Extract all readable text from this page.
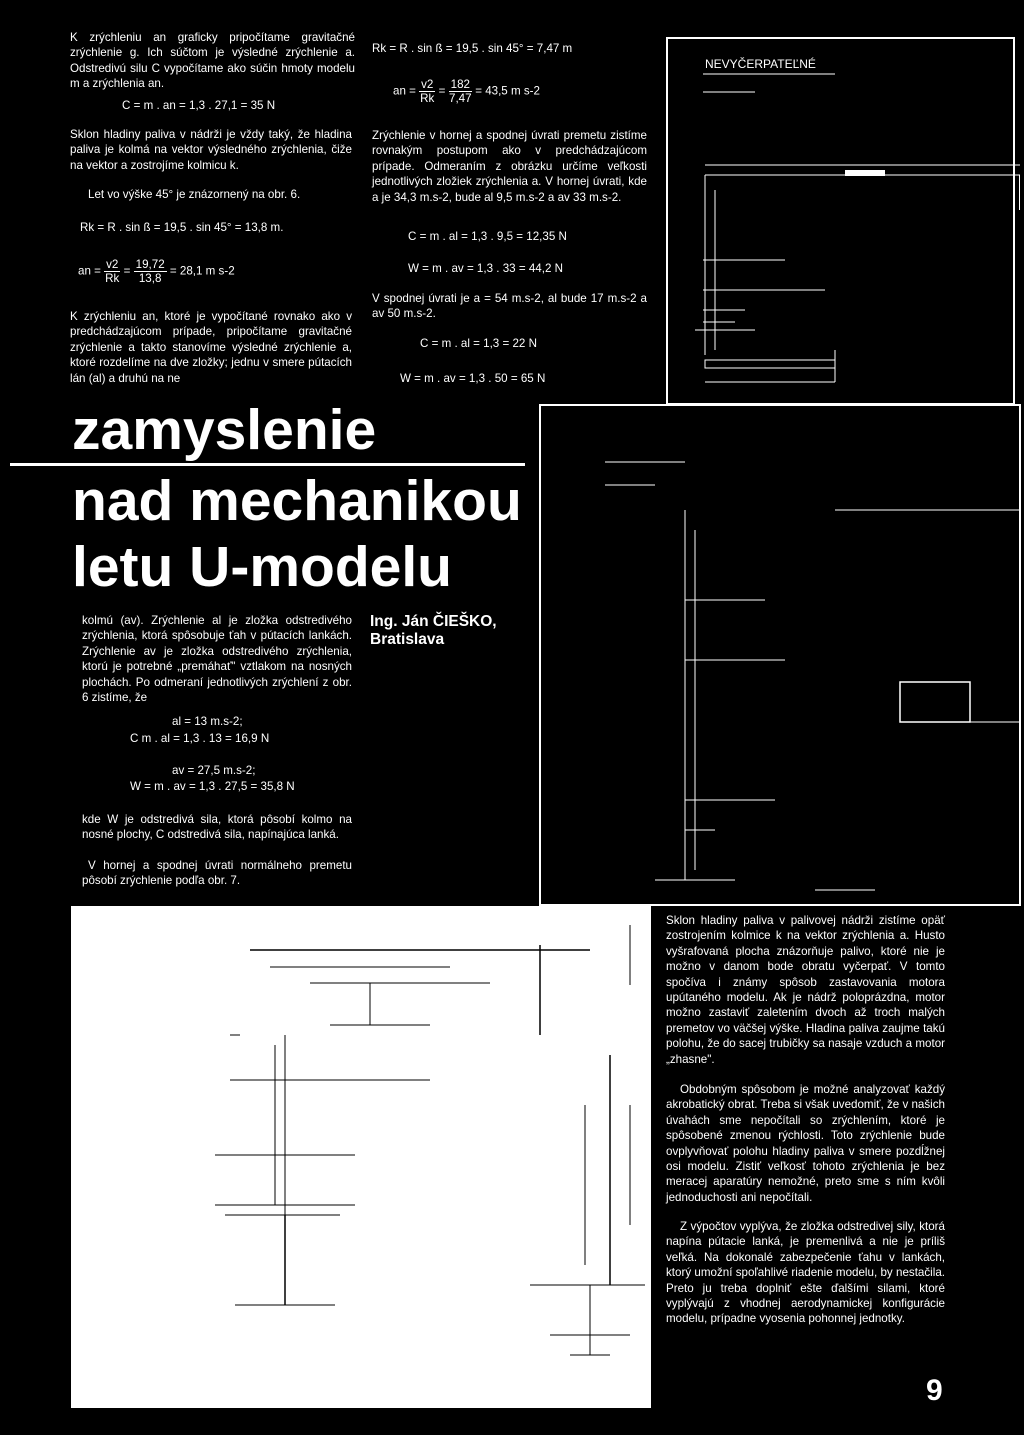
K zrýchleniu an graficky pripočítame gravitačné zrýchlenie g. Ich súčtom je výsledné zrýchlenie a. Odstredivú silu C vypočítame ako súčin hmoty modelu m a zrýchlenia an.

C = m . an = 1,3 . 27,1 = 35 N

Sklon hladiny paliva v nádrži je vždy taký, že hladina paliva je kolmá na vektor výsledného zrýchlenia, čiže na vektor a zostrojíme kolmicu k.

Let vo výške 45° je znázornený na obr. 6.

Rk = R . sin ß = 19,5 . sin 45° = 13,8 m.
an = $\frac{v2}{Rk} = \frac{19,72}{13,8} = 28,1$ m s-2

K zrýchleniu an, ktoré je vypočítané rovnako ako v predchádzajúcom prípade, pripočítame gravitačné zrýchlenie a takto stanovíme výsledné zrýchlenie a, ktoré rozdelíme na dve zložky; jednu v smere pútacích lán (al) a druhú na ne

Rk = R . sin ß = 19,5 . sin 45° = 7,47 m
an = $\frac{v2}{Rk} = \frac{182}{7,47} = 43,5$ m s-2

Zrýchlenie v hornej a spodnej úvrati premetu zistíme rovnakým postupom ako v predchádzajúcom prípade. Odmeraním z obrázku určíme veľkosti jednotlivých zložiek zrýchlenia a. V hornej úvrati, kde a je 34,3 m.s-2, bude al 9,5 m.s-2 a av 33 m.s-2.

C = m . al = 1,3 . 9,5 = 12,35 N
W = m . av = 1,3 . 33 = 44,2 N

V spodnej úvrati je a = 54 m.s-2, al bude 17 m.s-2 a av 50 m.s-2.

C = m . al = 1,3 = 22 N
W = m . av = 1,3 . 50 = 65 N
NEVYČERPATEĽNÉ
zamyslenie
nad mechanikou
letu U-modelu
Ing. Ján ČIEŠKO,
Bratislava

kolmú (av). Zrýchlenie al je zložka odstredivého zrýchlenia, ktorá spôsobuje ťah v pútacích lankách. Zrýchlenie av je zložka odstredivého zrýchlenia, ktorú je potrebné „premáhať" vztlakom na nosných plochách. Po odmeraní jednotlivých zrýchlení z obr. 6 zistíme, že

al = 13 m.s-2;
C m . al = 1,3 . 13 = 16,9 N
av = 27,5 m.s-2;
W = m . av = 1,3 . 27,5 = 35,8 N

kde W je odstredivá sila, ktorá pôsobí kolmo na nosné plochy, C odstredivá sila, napínajúca lanká.

V hornej a spodnej úvrati normálneho premetu pôsobí zrýchlenie podľa obr. 7.

Sklon hladiny paliva v palivovej nádrži zistíme opäť zostrojením kolmice k na vektor zrýchlenia a. Husto vyšrafovaná plocha znázorňuje palivo, ktoré nie je možno v danom bode obratu vyčerpať. V tomto spočíva i známy spôsob zastavovania motora upútaného modelu. Ak je nádrž poloprázdna, motor možno zastaviť zaletením dvoch až troch malých premetov vo väčšej výške. Hladina paliva zaujme takú polohu, že do sacej trubičky sa nasaje vzduch a motor „zhasne".

Obdobným spôsobom je možné analyzovať každý akrobatický obrat. Treba si však uvedomiť, že v našich úvahách sme nepočítali so zrýchlením, ktoré je spôsobené zmenou rýchlosti. Toto zrýchlenie bude ovplyvňovať polohu hladiny paliva v smere pozdĺžnej osi modelu. Zistiť veľkosť tohoto zrýchlenia je bez meracej aparatúry nemožné, preto sme s ním kvôli jednoduchosti ani nepočítali.

Z výpočtov vyplýva, že zložka odstredivej sily, ktorá napína pútacie lanká, je premenlivá a nie je príliš veľká. Na dokonalé zabezpečenie ťahu v lankách, ktorý umožní spoľahlivé riadenie modelu, by nestačila. Preto ju treba doplniť ešte ďalšími silami, ktoré vyplývajú z vhodnej aerodynamickej konfigurácie modelu, prípadne vyosenia pohonnej jednotky.

9
